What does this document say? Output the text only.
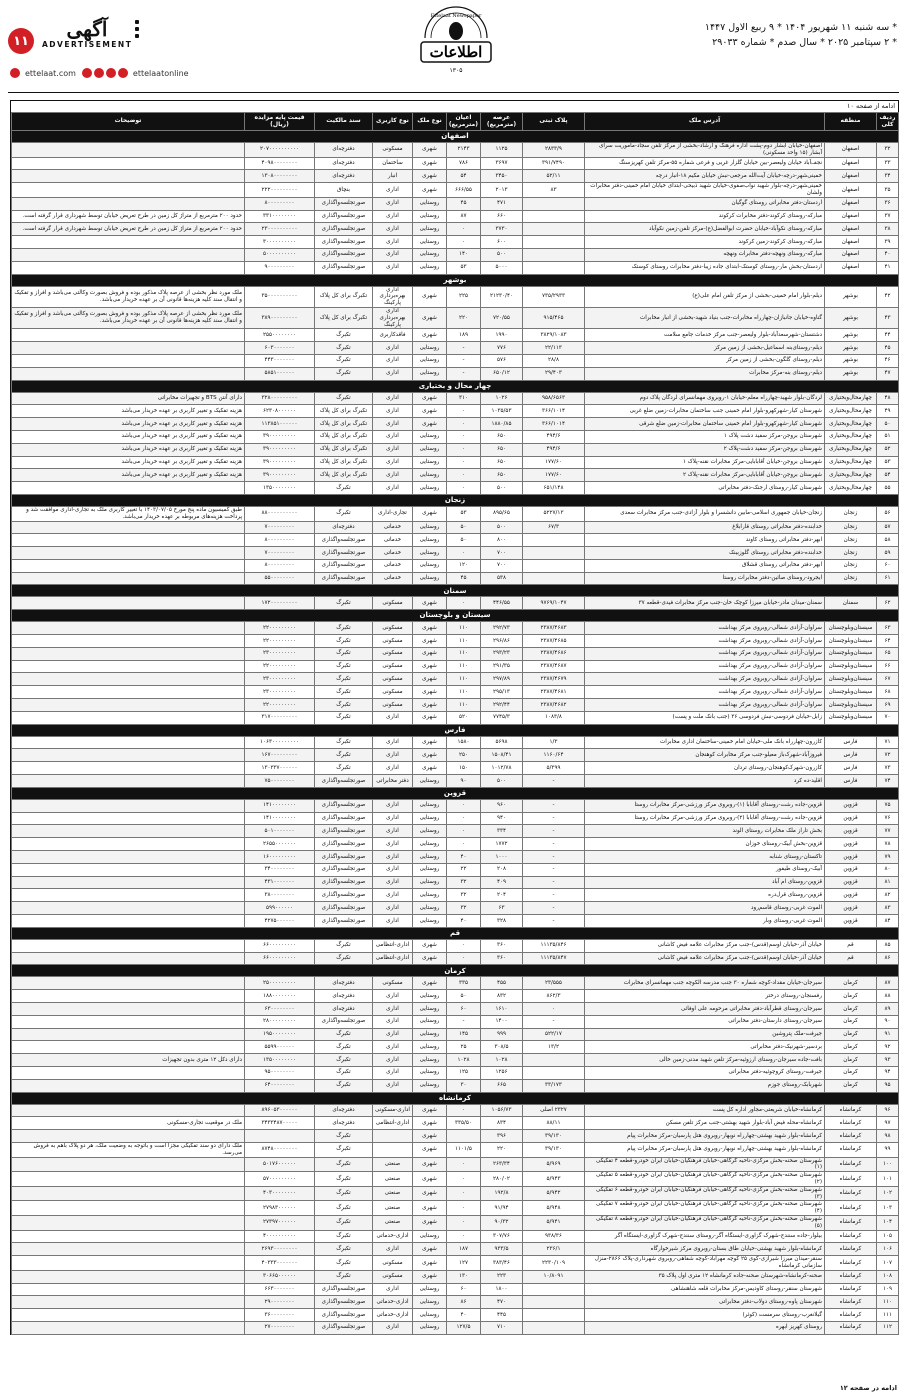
۱۱	آگهی
ADVERTISEMENT
ettelaat.com	ettelaatonline
Ettelaat Newspaper
اطلاعات
۱۳۰۵
* سه شنبه ۱۱ شهریور ۱۴۰۴ * ۹ ربیع الاول ۱۴۴۷
* ۲ سپتامبر ۲۰۲۵ * سال صدم * شماره ۲۹۰۳۳
ادامه از صفحه ۱۰
ردیف کلی	منطقه	آدرس ملک	پلاک ثبتی	عرصه (مترمربع)	اعیان (مترمربع)	نوع ملک	نوع کاربری	سند مالکیت	قیمت پایه مزایده (ریال)	توضیحات
اصفهان										
۳۲	اصفهان	اصفهان-خیابان آبشار دوم-پشت اداره فرهنگ و ارشاد-بخشی از مرکز تلفن سجاد-ماموریت سرای آبشار (۱۵ واحد مسکونی)	۲۸۳۳/۹	۱۱۲۵	۲۱۴۳	شهری	مسکونی	دفترچه‌ای	۲۰۷۰۰۰۰۰۰۰۰۰۰	
۳۳	اصفهان	نجف‌آباد خیابان ولیعصر-بین خیابان گلزار غربی و فرعی شماره ۵۵-مرکز تلفن کهریزسنگ	۳۹۱/۷۴۹۰	۳۶۹۷	۷۸۶	شهری	ساختمان	دفترچه‌ای	۴۰۹۸۰۰۰۰۰۰۰۰	
۳۴	اصفهان	خمینی‌شهر-درچه-خیابان آیت‌الله مرجعی-نبش خیابان مکیم ۱۸-انبار درچه	۵۲/۱۱	۳۴۵۰	۵۴	شهری	انبار	دفترچه‌ای	۱۳۰۸۰۰۰۰۰۰۰۰	
۳۵	اصفهان	خمینی‌شهر-درچه-بلوار شهید نواب‌صفوی-خیابان شهید ذبیحی-ابتدای خیابان امام خمینی-دفتر مخابرات ولشان	۸۳	۲۰۱۳	۶۶۶/۵۵	شهری	اداری	بنچاق	۲۲۲۰۰۰۰۰۰۰۰۰	
۳۶	اصفهان	اردستان-دفتر مخابراتی روستای گوگیان		۴۷۱	۴۵	روستایی	اداری	صورتجلسه‌واگذاری	۸۰۰۰۰۰۰۰۰۰	
۳۷	اصفهان	مبارکه-روستای کرکوند-دفتر مخابرات کرکوند		۶۶۰	۸۷	روستایی	اداری	صورتجلسه‌واگذاری	۳۳۱۰۰۰۰۰۰۰۰	حدود ۲۰۰ مترمربع از متراژ کل زمین در طرح تعریض خیابان توسط شهرداری قرار گرفته است.
۳۸	اصفهان	مبارکه-روستای نکوآباد-خیابان حضرت ابوالفضل(ع)-مرکز تلفن-زمین نکوآباد		۳۷۳۰	۰	روستایی	اداری	صورتجلسه‌واگذاری	۲۳۰۰۰۰۰۰۰۰۰۰	حدود ۲۰۰ مترمربع از متراژ کل زمین در طرح تعریض خیابان توسط شهرداری قرار گرفته است.
۳۹	اصفهان	مبارکه-روستای کرکوند-زمین کرکوند		۶۰۰	۰	روستایی	اداری	صورتجلسه‌واگذاری	۳۰۰۰۰۰۰۰۰۰۰	
۴۰	اصفهان	مبارکه-روستای ونهچه-دفتر مخابرات ونهچه		۵۰۰	۱۴۰	روستایی	اداری	صورتجلسه‌واگذاری	۵۰۰۰۰۰۰۰۰۰۰	
۴۱	اصفهان	اردستان-بخش مار-روستای کوستک-ابتدای جاده زیبا-دفتر مخابرات روستای کوستک		۵۰۰۰	۵۳	روستایی	اداری	صورتجلسه‌واگذاری	۹۰۰۰۰۰۰۰۰۰	
بوشهر										
۴۲	بوشهر	دیلم-بلوار امام خمینی-بخشی از مرکز تلفن امام علی(ع)	۷۳۵/۲۹۳۳	۲۱۲۳۰/۴۰	۲۲۵	شهری	اداری بهره‌برداری پارکینگ	تکبرگ برای کل پلاک	۳۵۰۰۰۰۰۰۰۰۰۰	ملک مورد نظر بخشی از عرصه پلاک مذکور بوده و فروش بصورت وکالتی می‌باشد و افراز و تفکیک و انتقال سند کلیه هزینه‌ها قانونی آن بر عهده خریدار می‌باشد.
۴۳	بوشهر	گناوه-خیابان جانبازان-چهارراه مخابرات-جنب بنیاد شهید-بخشی از انبار مخابرات	۹۱۵/۴۶۵	۷۲۰/۵۵	۲۲۰	شهری	اداری بهره‌برداری پارکینگ	تکبرگ برای کل پلاک	۳۸۹۰۰۰۰۰۰۰۰۰	ملک مورد نظر بخشی از عرصه پلاک مذکور بوده و فروش بصورت وکالتی می‌باشد و افراز و تفکیک و انتقال سند کلیه هزینه‌ها قانونی آن بر عهده خریدار می‌باشد.
۴۴	بوشهر	دشتستان-شهرسعدآباد-بلوار ولیعصر-جنب مرکز خدمات جامع سلامت	۳۸۲۹/۱۰۸۳	۱۹۹۰	۱۸۹	شهری	فاقدکاربری	تکبرگ	۲۵۵۰۰۰۰۰۰۰۰	
۴۵	بوشهر	دیلم-روستای‌بنه اسماعیل-بخشی از زمین مرکز	۲۲/۱۱۳	۷۷۶	-	روستایی	اداری	تکبرگ	۶۰۳۰۰۰۰۰۰۰	
۴۶	بوشهر	دیلم-روستای گلگون-بخشی از زمین مرکز	۲۸/۸	۵۷۶	-	روستایی	اداری	تکبرگ	۴۴۳۰۰۰۰۰۰۰	
۴۷	بوشهر	دیلم-روستای بنه-مرکز مخابرات	۲۹/۴۰۳	۶۵۰/۱۲	-	روستایی	اداری	تکبرگ	۵۸۵۱۰۰۰۰۰۰	
چهار محال و بختیاری										
۴۸	چهارمحال‌وبختیاری	لردگان-بلوار شهید-چهارراه معلم-خیابان ۱-روبروی مهمانسرای لردگان پلاک دوم	۹۵۸/۶۵۶۳	۱۰۲۶	۳۱۰	شهری	اداری	تکبرگ	۳۲۸۰۰۰۰۰۰۰۰۰	دارای آنتن BTS و تجهیزات مخابراتی
۴۹	چهارمحال‌وبختیاری	شهرستان کیار-شهرکهرو-بلوار امام خمینی جنب ساختمان مخابرات-زمین ضلع غربی	۳۶۶/۱۰۱۴	۱۰۳۵/۵۳	۰	شهری	اداری	تکبرگ برای کل پلاک	۶۲۳۰۸۰۰۰۰۰۰	هزینه تفکیک و تغییر کاربری بر عهده خریدار می‌باشد
۵۰	چهارمحال‌وبختیاری	شهرستان کیار-شهرکهرو-بلوار امام خمینی ساختمان مخابرات-زمین ضلع شرقی	۳۶۶/۱۰۱۴	۱۸۸۰/۸۵	۰	شهری	اداری	تکبرگ برای کل پلاک	۱۱۳۸۵۱۰۰۰۰۰۰	هزینه تفکیک و تغییر کاربری بر عهده خریدار می‌باشد
۵۱	چهارمحال‌وبختیاری	شهرستان بروجن-مرکز سفید دشت پلاک ۱	۴۹۴/۶	۶۵۰	۰	روستایی	اداری	تکبرگ برای کل پلاک	۳۹۰۰۰۰۰۰۰۰۰	هزینه تفکیک و تغییر کاربری بر عهده خریدار می‌باشد
۵۲	چهارمحال‌وبختیاری	شهرستان بروجن-مرکز سفید دشت-پلاک ۲	۴۹۴/۶	۶۵۰	۰	روستایی	اداری	تکبرگ برای کل پلاک	۳۹۰۰۰۰۰۰۰۰۰	هزینه تفکیک و تغییر کاربری بر عهده خریدار می‌باشد
۵۳	چهارمحال‌وبختیاری	شهرستان بروجن-خیابان آقابابایی-مرکز مخابرات نقنه-پلاک ۱	۱۷۷/۶۰	۶۵۰	۰	روستایی	اداری	تکبرگ برای کل پلاک	۳۹۰۰۰۰۰۰۰۰۰	هزینه تفکیک و تغییر کاربری بر عهده خریدار می‌باشد
۵۴	چهارمحال‌وبختیاری	شهرستان بروجن-خیابان آقابابایی-مرکز مخابرات نقنه-پلاک ۲	۱۷۷/۶۰	۶۵۰	۰	روستایی	اداری	تکبرگ برای کل پلاک	۳۹۰۰۰۰۰۰۰۰۰	هزینه تفکیک و تغییر کاربری بر عهده خریدار می‌باشد
۵۵	چهارمحال‌وبختیاری	شهرستان کیار-روستای ارجنک-دفتر مخابراتی	۶۵۱/۱۴۸	۵۰۰	۰	روستایی	اداری	تکبرگ	۱۳۵۰۰۰۰۰۰۰۰	
زنجان										
۵۶	زنجان	زنجان-خیابان جمهوری اسلامی-مابین دانشسرا و بلوار آزادی-جنب مرکز مخابرات سعدی	۵۲۲۷/۱۳	۸۹۵/۶۵	۵۳	شهری	تجاری-اداری	تکبرگ	۸۸۰۰۰۰۰۰۰۰۰۰	طبق کمیسیون ماده پنج مورخ ۱۴۰۳/۰۷/۰۵ با تغییر کاربری ملک به تجاری-اداری موافقت شد و پرداخت هزینه‌های مربوطه بر عهده خریدار می‌باشد.
۵۷	زنجان	خدابنده-دفتر مخابراتی روستای قارابلاغ	۶۷/۳	۵۰۰	۵۰	روستایی	خدماتی	دفترچه‌ای	۷۰۰۰۰۰۰۰۰۰	
۵۸	زنجان	ابهر-دفتر مخابراتی روستای کاوند		۸۰۰	۵۰	روستایی	خدماتی	صورتجلسه‌واگذاری	۸۰۰۰۰۰۰۰۰۰	
۵۹	زنجان	خدابنده-دفتر مخابراتی روستای گلوزبینک		۷۰۰	۰	روستایی	خدماتی	صورتجلسه‌واگذاری	۷۰۰۰۰۰۰۰۰۰	
۶۰	زنجان	ابهر-دفتر مخابراتی روستای قشلاق		۷۰۰	۱۲۰	روستایی	خدماتی	صورتجلسه‌واگذاری	۸۰۰۰۰۰۰۰۰۰	
۶۱	زنجان	ایجرود-روستای صائین-دفتر مخابرات روستا		۵۳۸	۴۵	روستایی	خدماتی	صورتجلسه‌واگذاری	۵۵۰۰۰۰۰۰۰۰	
سمنان										
۶۲	سمنان	سمنان-میدان مادر-خیابان میرزا کوچک خان-جنب مرکز مخابرات فیدی-قطعه ۳۷	۹۷۶۹/۱۰۴۷	۴۴۶/۵۵	۰	شهری	مسکونی	تکبرگ	۱۷۲۰۰۰۰۰۰۰۰۰	
سیستان و بلوچستان										
۶۳	سیستان‌وبلوچستان	سراوان-آزادی شمالی-روبروی مرکز بهداشت	۲۳۸۷/۴۶۸۳	۲۹۲/۷۳	۱۱۰	شهری	مسکونی	تکبرگ	۲۲۰۰۰۰۰۰۰۰۰	
۶۴	سیستان‌وبلوچستان	سراوان-آزادی شمالی-روبروی مرکز بهداشت	۲۳۸۷/۴۶۸۵	۲۹۶/۸۶	۱۱۰	شهری	مسکونی	تکبرگ	۲۲۰۰۰۰۰۰۰۰۰	
۶۵	سیستان‌وبلوچستان	سراوان-آزادی شمالی-روبروی مرکز بهداشت	۲۳۸۷/۴۶۸۶	۲۹۳/۲۳	۱۱۰	شهری	مسکونی	تکبرگ	۲۳۰۰۰۰۰۰۰۰۰	
۶۶	سیستان‌وبلوچستان	سراوان-آزادی شمالی-روبروی مرکز بهداشت	۲۳۸۷/۴۶۸۷	۲۹۱/۳۵	۱۱۰	شهری	مسکونی	تکبرگ	۲۲۰۰۰۰۰۰۰۰۰	
۶۷	سیستان‌وبلوچستان	سراوان-آزادی شمالی-روبروی مرکز بهداشت	۲۳۸۷/۴۶۷۹	۲۹۷/۸۹	۱۱۰	شهری	مسکونی	تکبرگ	۲۳۰۰۰۰۰۰۰۰۰	
۶۸	سیستان‌وبلوچستان	سراوان-آزادی شمالی-روبروی مرکز بهداشت	۲۳۸۷/۴۶۸۱	۲۹۵/۱۳	۱۱۰	شهری	مسکونی	تکبرگ	۲۳۰۰۰۰۰۰۰۰۰	
۶۹	سیستان‌وبلوچستان	سراوان-آزادی شمالی-روبروی مرکز بهداشت	۲۳۸۷/۴۶۸۲	۲۹۲/۴۴	۱۱۰	شهری	مسکونی	تکبرگ	۲۲۰۰۰۰۰۰۰۰۰	
۷۰	سیستان‌وبلوچستان	زابل-خیابان فردوسی-نبش فردوسی ۳۶ (جنب بانک ملت و پست)	۱۰۸۳/۸	۷۷۴۵/۳	۵۲۰	شهری	اداری	تکبرگ	۳۱۷۰۰۰۰۰۰۰۰۰	
فارس										
۷۱	فارس	کازرون-چهارراه بانک ملی-خیابان امام خمینی-ساختمان اداری مخابرات	۱/۳	۵۶۹۸	۱۵۸۰	شهری	اداری	تکبرگ	۱۰۶۳۰۰۰۰۰۰۰۰۰	
۷۲	فارس	فیروزآباد-شهرک‌باز معیلو-جنب مرکز مخابرات کوهنجان	۱۱۶۰/۶۴	۱۵۰۸/۴۱	۲۵۰	شهری	اداری	تکبرگ	۱۶۷۰۰۰۰۰۰۰۰۰	
۷۳	فارس	کازرون-شهرک‌کوهنجان-روستای تردان	۵/۳۹۹	۱۰۱۲/۷۸	۱۵۰	شهری	اداری	تکبرگ	۱۳۰۳۳۷۰۰۰۰۰۰	
۷۴	فارس	اقلید-ده کرد	-	۵۰۰	۹۰	روستایی	دفتر مخابراتی	صورتجلسه‌واگذاری	۷۵۰۰۰۰۰۰۰۰	
قزوین										
۷۵	قزوین	قزوین-جاده رشت-روستای آقابابا (۱)-روبروی مرکز ورزشی-مرکز مخابرات روستا	-	۹۶۰	۰	روستایی	اداری	صورتجلسه‌واگذاری	۱۴۱۰۰۰۰۰۰۰۰	
۷۶	قزوین	قزوین-جاده رشت-روستای آقابابا (۲)-روبروی مرکز ورزشی-مرکز مخابرات روستا	-	۹۴۰	۰	روستایی	اداری	صورتجلسه‌واگذاری	۱۴۱۰۰۰۰۰۰۰۰	
۷۷	قزوین	بخش تاراز ملک مخابرات روستای الوند	-	۳۳۴	۰	روستایی	اداری	صورتجلسه‌واگذاری	۵۰۱۰۰۰۰۰۰۰	
۷۸	قزوین	قزوین-بخش آبیک-روستای خوزان	-	۱۷۷۲	۰	روستایی	اداری	صورتجلسه‌واگذاری	۲۶۵۵۰۰۰۰۰۰۰	
۷۹	قزوین	تاکستان-روستای شنابه	-	۱۰۰۰	۴۰	روستایی	اداری	صورتجلسه‌واگذاری	۱۶۰۰۰۰۰۰۰۰۰	
۸۰	قزوین	آبیک-روستای طیفور	-	۲۰۸	۲۲	روستایی	اداری	صورتجلسه‌واگذاری	۳۴۰۰۰۰۰۰۰۰	
۸۱	قزوین	قزوین-روستای ام آباد	-	۴۰۹	۳۲	روستایی	اداری	صورتجلسه‌واگذاری	۴۳۱۰۰۰۰۰۰۰	
۸۲	قزوین	قزوین-روستای قرل‌دره	-	۲۰۴	۳۲	روستایی	اداری	صورتجلسه‌واگذاری	۳۸۰۰۰۰۰۰۰۰	
۸۳	قزوین	الموت غربی-روستای قاسم‌رود	-	۶۳	۳۲	روستایی	اداری	صورتجلسه‌واگذاری	۵۹۹۰۰۰۰۰۰	
۸۴	قزوین	الموت غربی-روستای وبار	-	۳۲۸	۴۰	روستایی	اداری	صورتجلسه‌واگذاری	۴۲۷۵۰۰۰۰۰۰	
قم										
۸۵	قم	خیابان آذر-خیابان اوسم(قدس)-جنب مرکز مخابرات علامه فیض کاشانی	۱۱۱۳۵/۸۴۶	۳۶۰	۰	شهری	اداری-انتظامی	تکبرگ	۶۶۰۰۰۰۰۰۰۰۰	
۸۶	قم	خیابان آذر-خیابان اوسم(قدس)-جنب مرکز مخابرات علامه فیض کاشانی	۱۱۱۳۵/۸۴۷	۳۶۰	۰	شهری	اداری-انتظامی	تکبرگ	۶۶۰۰۰۰۰۰۰۰۰	
کرمان										
۸۷	کرمان	سیرجان-خیابان مقداد-کوچه شماره ۳۰ جنب مدرسه الکوچه جنب مهمانسرای مخابرات	۲۳/۵۵۵	۴۵۵	۳۳۵	شهری	مسکونی	دفترچه‌ای	۲۵۰۰۰۰۰۰۰۰۰	
۸۸	کرمان	رفسنجان-روستای درختر	۸۶۲/۳	۸۳۲	۵۰	روستایی	اداری	دفترچه‌ای	۱۸۸۰۰۰۰۰۰۰۰	
۸۹	کرمان	سیرجان-روستای قطرآباد-دفتر مخابراتی مرحومه علی اوفائی	۰	۱۶۱۰	۶۰	روستایی	اداری	دفترچه‌ای	۶۳۰۰۰۰۰۰۰۰	
۹۰	کرمان	سیرجان-روستای دارستان-دفتر مخابراتی	-	۱۴۰۰	-	روستایی	اداری	صورتجلسه‌واگذاری	۲۸۰۰۰۰۰۰۰۰۰	
۹۱	کرمان	جیرفت-ملک پتروشین	۵۲۲/۱۷	۹۹۹	۱۴۵	روستایی	اداری	تکبرگ	۱۹۵۰۰۰۰۰۰۰۰	
۹۲	کرمان	بردسیر-شهرنیک-دفتر مخابراتی	۱۳/۲	۳۰۸/۵	۲۵	روستایی	اداری	تکبرگ	۵۵۹۹۰۰۰۰۰۰	
۹۳	کرمان	بافت-جاده سیرجان-روستای ارزوئیه-مرکز تلفن شهید مدنی-زمین خالی		۱۰۲۸	۱۰۲۸	روستایی	اداری	تکبرگ	۱۳۵۰۰۰۰۰۰۰۰	دارای دکل ۱۲ متری بدون تجهیزات
۹۴	کرمان	جیرفت-روستای کروچوئیه-دفتر مخابراتی		۱۲۵۶	۱۲۵	روستایی	اداری	تکبرگ	۹۵۰۰۰۰۰۰۰۰	
۹۵	کرمان	شهربابک-روستای جوزم	۳۳/۱۷۳	۶۶۵	۳۰	روستایی	اداری	تکبرگ	۶۴۰۰۰۰۰۰۰۰	
کرمانشاه										
۹۶	کرمانشاه	کرمانشاه-خیابان شریعتی-مجاور اداره کل پست	۲۳۲۷ اصلی	۱۰۵۶/۷۳	۰	شهری	اداری-مسکونی	دفترچه‌ای	۸۹۶۰۵۳۰۰۰۰۰۰	
۹۷	کرمانشاه	کرمانشاه-محله فیض آباد-بلوار شهید بهشتی-جنب مرکز تلفن مسکن	۸۸/۱۱	۸۳۴	۳۳۵/۵۰	شهری	اداری-انتظامی	دفترچه‌ای	۳۴۳۳۴۸۷۰۰۰۰۰	ملک در موقعیت تجاری-مسکونی
۹۸	کرمانشاه	کرمانشاه-بلوار شهید بهشتی-چهارراه نوبهار-روبروی هتل پارسیان-مرکز مخابرات پیام	۳۹/۱۳۰	۳۹۶		شهری		تکبرگ		
۹۹	کرمانشاه	کرمانشاه-بلوار شهید بهشتی-چهارراه نوبهار-روبروی هتل پارسیان-مرکز مخابرات پیام	۳۹/۱۳۰	۲۲۰	۱۱۰۱/۵	شهری		تکبرگ	۸۷۴۸۰۰۰۰۰۰۰۰	ملک دارای دو سند تفکیکی مجزا است و باتوجه به وضعیت ملک، هر دو پلاک باهم به فروش می‌رسد.
۱۰۰	کرمانشاه	شهرستان صحنه-بخش مرکزی-ناحیه گرگاهی-خیابان فرهنگیان-خیابان ایران خودرو-قطعه ۴ تفکیکی (۱)	۵/۹۶۹	۲۶۳/۳۴	۰	شهری	صنعتی	تکبرگ	۵۰۱۷۶۰۰۰۰۰۰	
۱۰۱	کرمانشاه	شهرستان صحنه-بخش مرکزی-ناحیه گرگاهی-خیابان فرهنگیان-خیابان ایران خودرو-قطعه ۵ تفکیکی (۲)	۵/۹۴۳	۲۸۰/۰۲	۰	شهری	صنعتی	تکبرگ	۵۷۰۰۰۰۰۰۰۰۰	
۱۰۲	کرمانشاه	شهرستان صحنه-بخش مرکزی-ناحیه گرگاهی-خیابان فرهنگیان-خیابان ایران خودرو-قطعه ۶ تفکیکی (۳)	۵/۹۴۲	۱۹۲/۸	۰	شهری	صنعتی	تکبرگ	۴۰۳۰۰۰۰۰۰۰۰	
۱۰۳	کرمانشاه	شهرستان صحنه-بخش مرکزی-ناحیه گرگاهی-خیابان فرهنگیان-خیابان ایران خودرو-قطعه ۷ تفکیکی (۴)	۵/۹۴۸	۹۱/۹۴	۰	شهری	صنعتی	تکبرگ	۲۷۹۸۳۰۰۰۰۰۰	
۱۰۴	کرمانشاه	شهرستان صحنه-بخش مرکزی-ناحیه گرگاهی-خیابان فرهنگیان-خیابان ایران خودرو-قطعه ۸ تفکیکی (۵)	۵/۹۴۱	۹۰/۳۲	۰	شهری	صنعتی	تکبرگ	۲۷۳۹۷۰۰۰۰۰۰	
۱۰۵	کرمانشاه	بیلوار-جاده سنندج-شهرک گزاوری-ایستگاه آگر-روستای سنندج-شهرک گزاوری-ایستگاه آگر	۹۳۸/۳۶	۳۰۷/۷۶	۰	روستایی	اداری-خدماتی	تکبرگ	۴۰۰۰۰۰۰۰۰۰۰	
۱۰۶	کرمانشاه	کرمانشاه-بلوار شهید بهشتی-خیابان طاق بستان-روبروی مرکز شیرخوارگاه	۲۳۶/۱	۹۳۳/۵	۱۸۷	شهری	اداری	تکبرگ	۲۶۹۳۰۰۰۰۰۰۰۰	
۱۰۷	کرمانشاه	سنقر-میدان میرزا شیرازی-کوی ۲۵ کوچه مهرآباد-کوچه شفاهی-روبروی شهرداری-پلاک ۲۸۶۶-منزل سازمانی کرمانشاه	۲۲۳۰/۱۰۹	۳۸۳/۴۶	۱۲۷	شهری	مسکونی	تکبرگ	۴۰۳۳۳۰۰۰۰۰۰۰	
۱۰۸	کرمانشاه	صحنه-کرمانشاه-شهرستان صحنه-جاده کرمانشاه ۱۲ متری اول پلاک ۳۵	۱۰/۸۰۹۱	۲۲۳	۱۳۰	شهری	مسکونی	تکبرگ	۳۰۶۶۵۰۰۰۰۰۰	
۱۰۹	کرمانشاه	شهرستان سنقر-روستای کاودیس-مرکز مخابرات قلعه شاهنشاهی		۱۸۰۰	۶۰	روستایی	اداری	صورتجلسه‌واگذاری	۶۶۳۰۰۰۰۰۰۰	
۱۱۰	کرمانشاه	شهرستان پاوه-روستای دولاب-دفتر مخابراتی		۴۷۰	۸۶	روستایی	اداری-خدماتی	صورتجلسه‌واگذاری	۲۹۰۰۰۰۰۰۰۰	
۱۱۱	کرمانشاه	گیلانغرب-روستای سرمست (کوثر)		۴۴۵	۴۰	روستایی	اداری-خدماتی	صورتجلسه‌واگذاری	۳۶۰۰۰۰۰۰۰۰	
۱۱۲	کرمانشاه	روستای کهریز ابهره		۷۱۰	۱۲۷/۵	روستایی	اداری	صورتجلسه‌واگذاری	۲۷۰۰۰۰۰۰۰۰	
ادامه در صفحه ۱۲
